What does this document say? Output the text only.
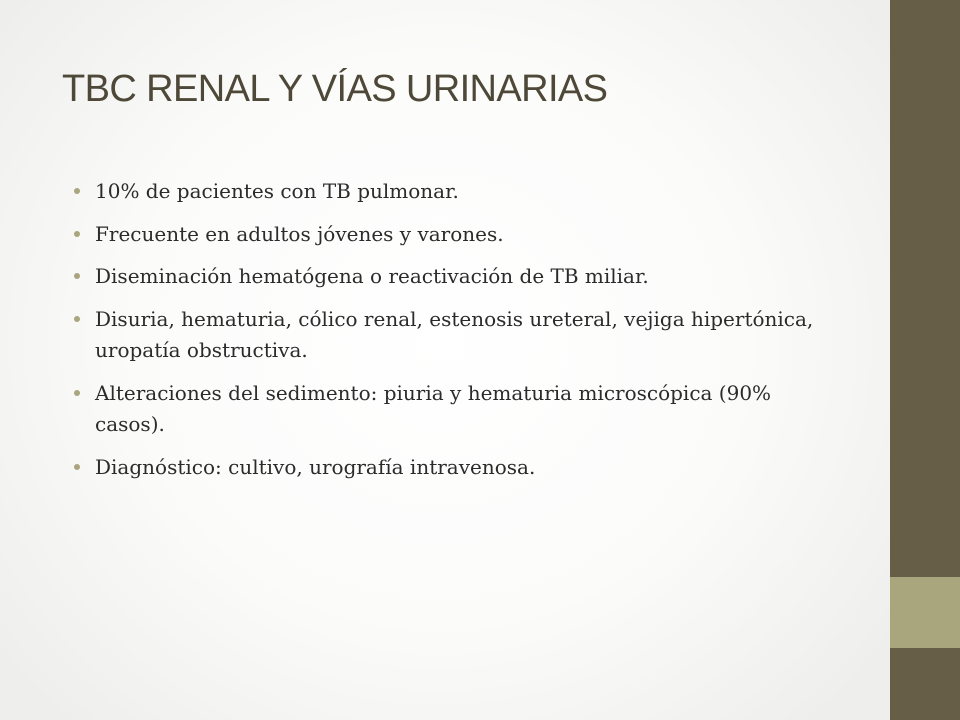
TBC RENAL Y VÍAS URINARIAS
10% de pacientes con TB pulmonar.
Frecuente en adultos jóvenes y varones.
Diseminación hematógena o reactivación de TB miliar.
Disuria, hematuria, cólico renal, estenosis ureteral, vejiga hipertónica, uropatía obstructiva.
Alteraciones del sedimento: piuria y hematuria microscópica (90% casos).
Diagnóstico: cultivo, urografía intravenosa.
